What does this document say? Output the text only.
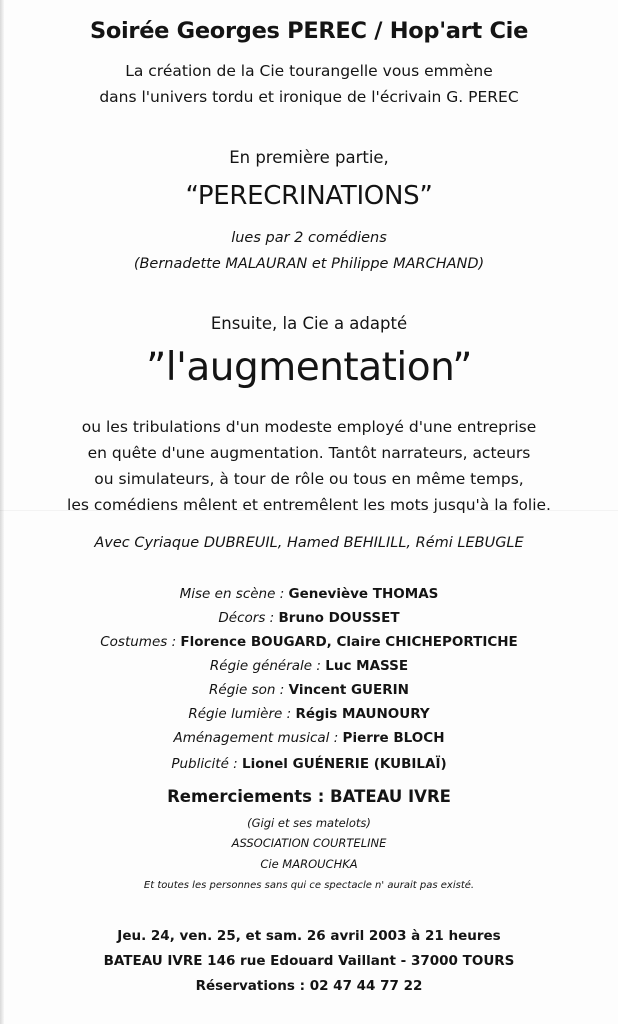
Soirée Georges PEREC / Hop'art Cie
La création de la Cie tourangelle vous emmène
dans l'univers tordu et ironique de l'écrivain G. PEREC
En première partie,
“PERECRINATIONS”
lues par 2 comédiens
(Bernadette MALAURAN et Philippe MARCHAND)
Ensuite, la Cie a adapté
”l'augmentation”
ou les tribulations d'un modeste employé d'une entreprise
en quête d'une augmentation. Tantôt narrateurs, acteurs
ou simulateurs, à tour de rôle ou tous en même temps,
les comédiens mêlent et entremêlent les mots jusqu'à la folie.
Avec Cyriaque DUBREUIL, Hamed BEHILILL, Rémi LEBUGLE
Mise en scène : Geneviève THOMAS
Décors : Bruno DOUSSET
Costumes : Florence BOUGARD, Claire CHICHEPORTICHE
Régie générale : Luc MASSE
Régie son : Vincent GUERIN
Régie lumière : Régis MAUNOURY
Aménagement musical : Pierre BLOCH
Publicité : Lionel GUÉNERIE (KUBILAÏ)
Remerciements : BATEAU IVRE
(Gigi et ses matelots)
ASSOCIATION COURTELINE
Cie MAROUCHKA
Et toutes les personnes sans qui ce spectacle n' aurait pas existé.
Jeu. 24, ven. 25, et sam. 26 avril 2003 à 21 heures
BATEAU IVRE 146 rue Edouard Vaillant - 37000 TOURS
Réservations : 02 47 44 77 22
